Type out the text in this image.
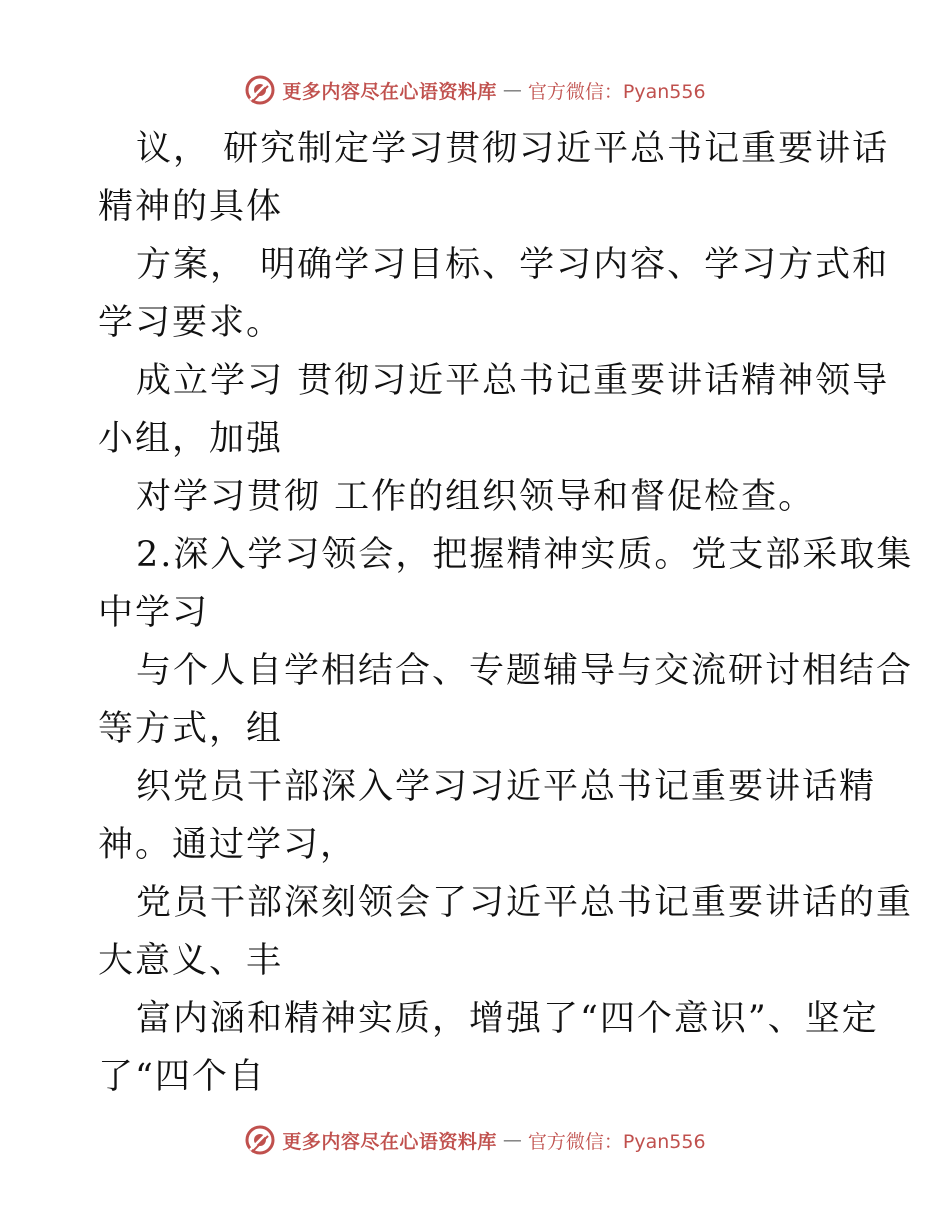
更多内容尽在心语资料库 — 官方微信：Pyan556
议， 研究制定学习贯彻习近平总书记重要讲话
精神的具体
方案， 明确学习目标、学习内容、学习方式和
学习要求。
成立学习 贯彻习近平总书记重要讲话精神领导
小组，加强
对学习贯彻 工作的组织领导和督促检查。
2.深入学习领会，把握精神实质。党支部采取集
中学习
与个人自学相结合、专题辅导与交流研讨相结合
等方式，组
织党员干部深入学习习近平总书记重要讲话精
神。通过学习，
党员干部深刻领会了习近平总书记重要讲话的重
大意义、丰
富内涵和精神实质，增强了“四个意识”、坚定
了“四个自
更多内容尽在心语资料库 — 官方微信：Pyan556
